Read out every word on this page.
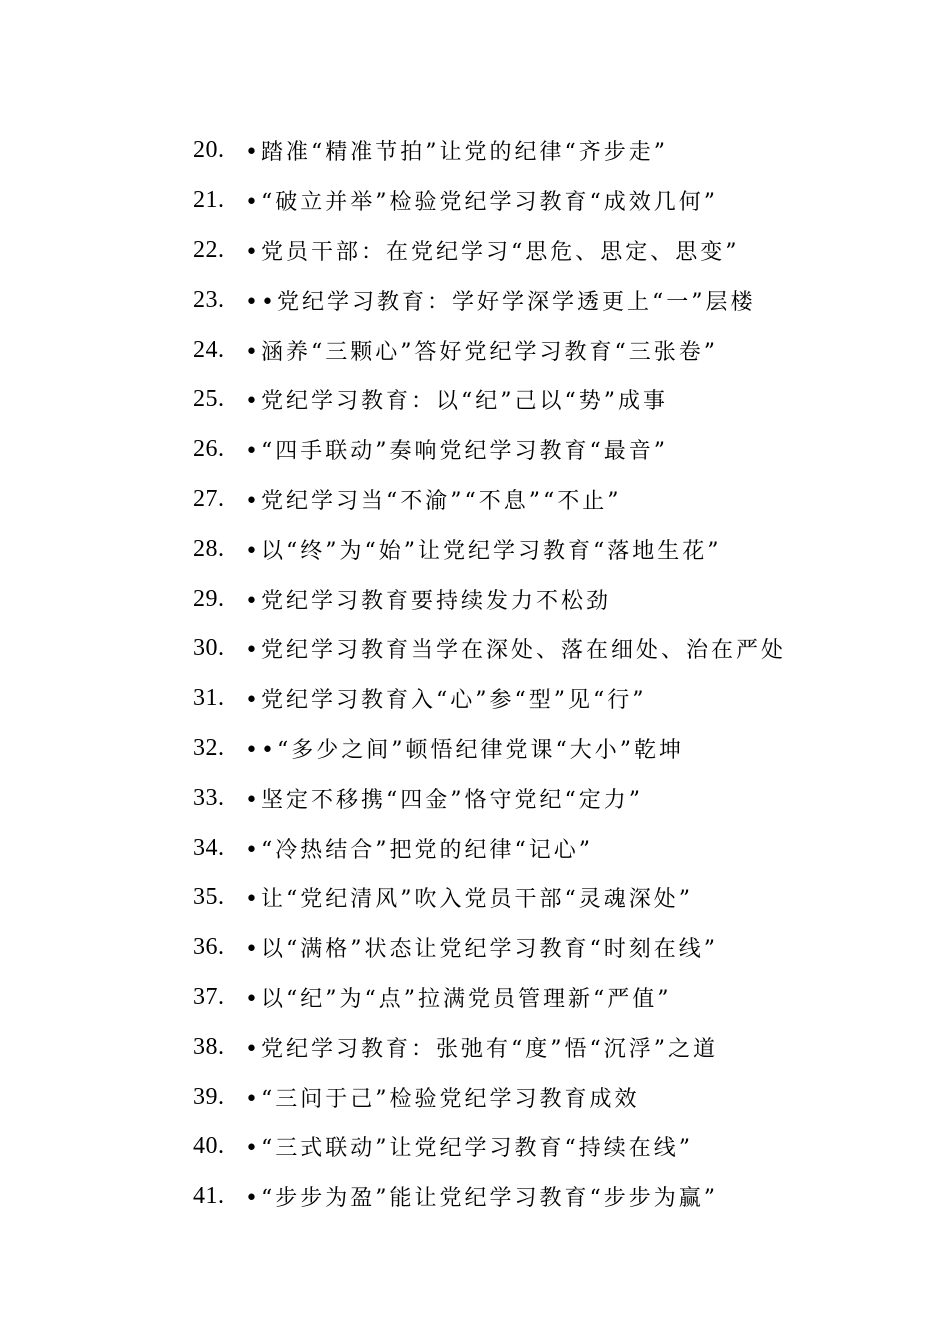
20. •踏准“精准节拍”让党的纪律“齐步走”
21. •“破立并举”检验党纪学习教育“成效几何”
22. •党员干部：在党纪学习“思危、思定、思变”
23. ••党纪学习教育：学好学深学透更上“一”层楼
24. •涵养“三颗心”答好党纪学习教育“三张卷”
25. •党纪学习教育：以“纪”己以“势”成事
26. •“四手联动”奏响党纪学习教育“最音”
27. •党纪学习当“不渝”“不息”“不止”
28. •以“终”为“始”让党纪学习教育“落地生花”
29. •党纪学习教育要持续发力不松劲
30. •党纪学习教育当学在深处、落在细处、治在严处
31. •党纪学习教育入“心”参“型”见“行”
32. ••“多少之间”顿悟纪律党课“大小”乾坤
33. •坚定不移携“四金”恪守党纪“定力”
34. •“冷热结合”把党的纪律“记心”
35. •让“党纪清风”吹入党员干部“灵魂深处”
36. •以“满格”状态让党纪学习教育“时刻在线”
37. •以“纪”为“点”拉满党员管理新“严值”
38. •党纪学习教育：张弛有“度”悟“沉浮”之道
39. •“三问于己”检验党纪学习教育成效
40. •“三式联动”让党纪学习教育“持续在线”
41. •“步步为盈”能让党纪学习教育“步步为赢”
